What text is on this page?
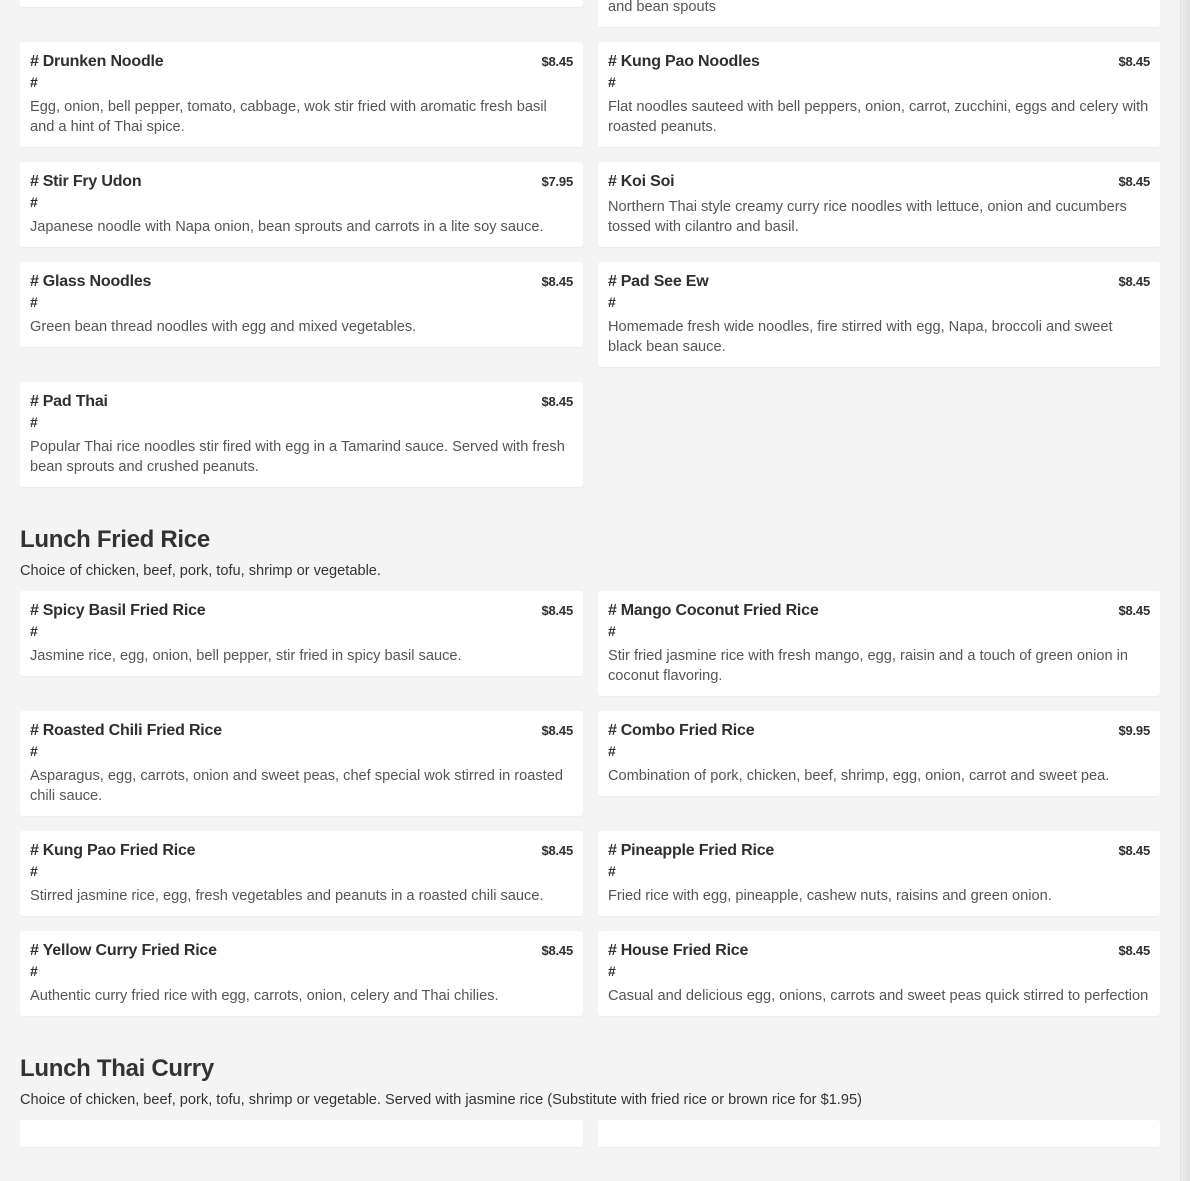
and bean spouts

# Drunken Noodle	$8.45
#

Egg, onion, bell pepper, tomato, cabbage, wok stir fried with aromatic fresh basil and a hint of Thai spice.

# Kung Pao Noodles	$8.45
#

Flat noodles sauteed with bell peppers, onion, carrot, zucchini, eggs and celery with roasted peanuts.

# Stir Fry Udon	$7.95
#

Japanese noodle with Napa onion, bean sprouts and carrots in a lite soy sauce.

# Koi Soi	$8.45

Northern Thai style creamy curry rice noodles with lettuce, onion and cucumbers tossed with cilantro and basil.

# Glass Noodles	$8.45
#

Green bean thread noodles with egg and mixed vegetables.

# Pad See Ew	$8.45
#

Homemade fresh wide noodles, fire stirred with egg, Napa, broccoli and sweet black bean sauce.

# Pad Thai	$8.45
#

Popular Thai rice noodles stir fired with egg in a Tamarind sauce. Served with fresh bean sprouts and crushed peanuts.

Lunch Fried Rice

Choice of chicken, beef, pork, tofu, shrimp or vegetable.

# Spicy Basil Fried Rice	$8.45
#

Jasmine rice, egg, onion, bell pepper, stir fried in spicy basil sauce.

# Mango Coconut Fried Rice	$8.45
#

Stir fried jasmine rice with fresh mango, egg, raisin and a touch of green onion in coconut flavoring.

# Roasted Chili Fried Rice	$8.45
#

Asparagus, egg, carrots, onion and sweet peas, chef special wok stirred in roasted chili sauce.

# Combo Fried Rice	$9.95
#

Combination of pork, chicken, beef, shrimp, egg, onion, carrot and sweet pea.

# Kung Pao Fried Rice	$8.45
#

Stirred jasmine rice, egg, fresh vegetables and peanuts in a roasted chili sauce.

# Pineapple Fried Rice	$8.45
#

Fried rice with egg, pineapple, cashew nuts, raisins and green onion.

# Yellow Curry Fried Rice	$8.45
#

Authentic curry fried rice with egg, carrots, onion, celery and Thai chilies.

# House Fried Rice	$8.45
#

Casual and delicious egg, onions, carrots and sweet peas quick stirred to perfection

Lunch Thai Curry

Choice of chicken, beef, pork, tofu, shrimp or vegetable. Served with jasmine rice (Substitute with fried rice or brown rice for $1.95)
